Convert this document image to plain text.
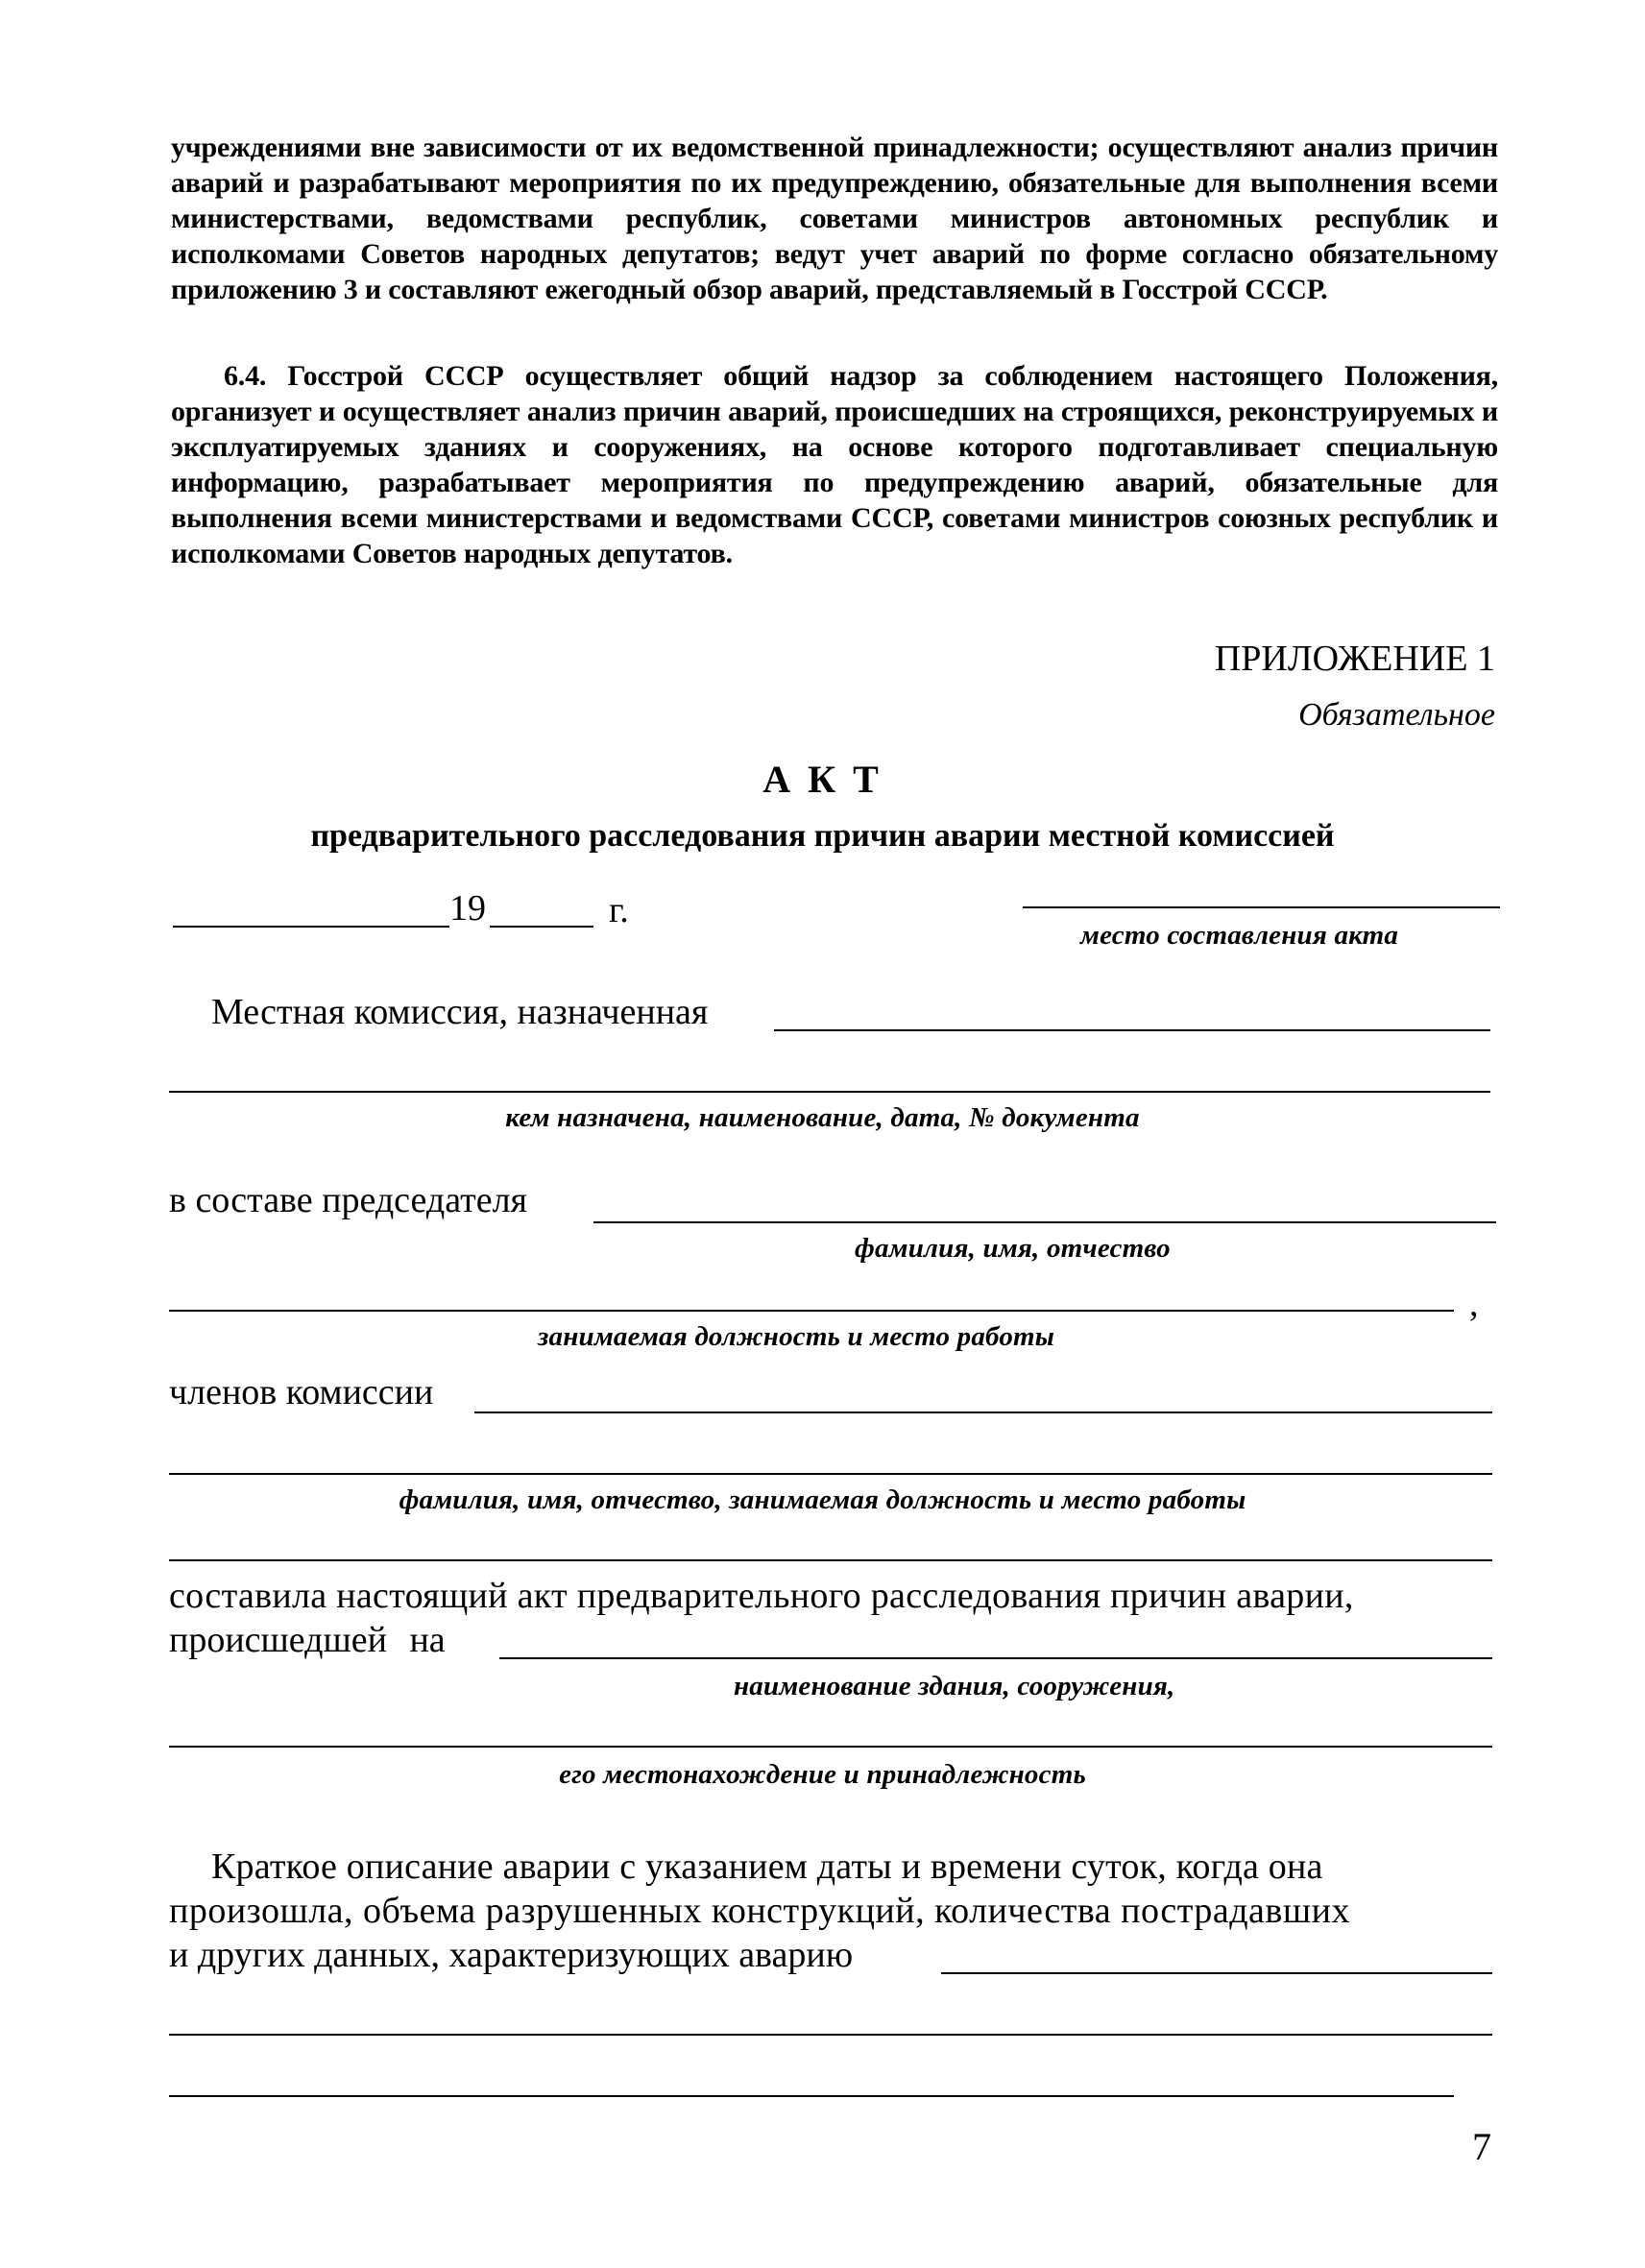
учреждениями вне зависимости от их ведомственной принадлежности; осуществляют анализ причин аварий и разрабатывают мероприятия по их предупреждению, обязательные для выполнения всеми министерствами, ведомствами республик, советами министров автономных республик и исполкомами Советов народных депутатов; ведут учет аварий по форме согласно обязательному приложению 3 и составляют ежегодный обзор аварий, представляемый в Госстрой СССР.

6.4. Госстрой СССР осуществляет общий надзор за соблюдением настоящего Положения, организует и осуществляет анализ причин аварий, происшедших на строящихся, реконструируемых и эксплуатируемых зданиях и сооружениях, на основе которого подготавливает специальную информацию, разрабатывает мероприятия по предупреждению аварий, обязательные для выполнения всеми министерствами и ведомствами СССР, советами министров союзных республик и исполкомами Советов народных депутатов.

ПРИЛОЖЕНИЕ 1
Обязательное
А К Т
предварительного расследования причин аварии местной комиссией
19	г.
место составления акта
Местная комиссия, назначенная
кем назначена, наименование, дата, № документа
в составе председателя
фамилия, имя, отчество
,
занимаемая должность и место работы
членов комиссии
фамилия, имя, отчество, занимаемая должность и место работы
составила настоящий акт предварительного расследования причин аварии,
происшедшей на
наименование здания, сооружения,
его местонахождение и принадлежность
Краткое описание аварии с указанием даты и времени суток, когда она
произошла, объема разрушенных конструкций, количества пострадавших
и других данных, характеризующих аварию
7
